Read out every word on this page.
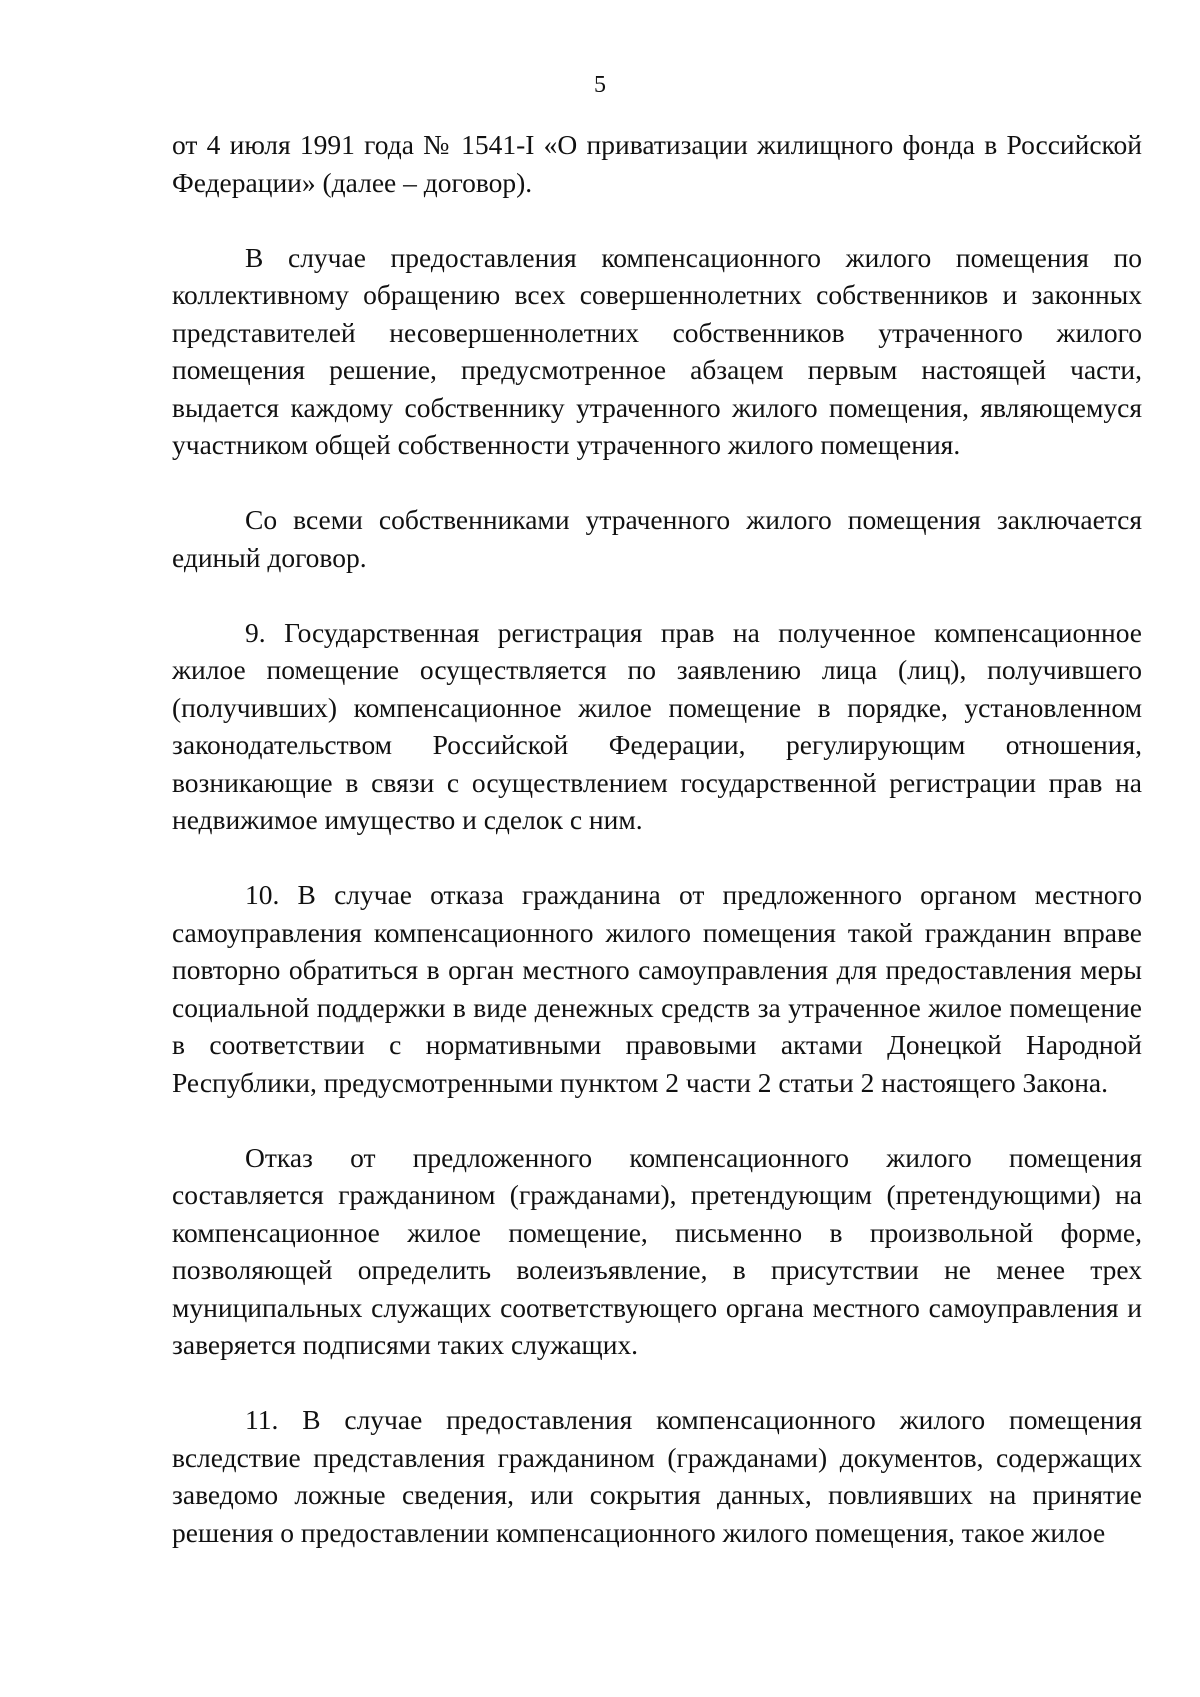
5

от 4 июля 1991 года № 1541-I «О приватизации жилищного фонда в Российской Федерации» (далее – договор).

В случае предоставления компенсационного жилого помещения по коллективному обращению всех совершеннолетних собственников и законных представителей несовершеннолетних собственников утраченного жилого помещения решение, предусмотренное абзацем первым настоящей части, выдается каждому собственнику утраченного жилого помещения, являющемуся участником общей собственности утраченного жилого помещения.

Со всеми собственниками утраченного жилого помещения заключается единый договор.

9. Государственная регистрация прав на полученное компенсационное жилое помещение осуществляется по заявлению лица (лиц), получившего (получивших) компенсационное жилое помещение в порядке, установленном законодательством Российской Федерации, регулирующим отношения, возникающие в связи с осуществлением государственной регистрации прав на недвижимое имущество и сделок с ним.

10. В случае отказа гражданина от предложенного органом местного самоуправления компенсационного жилого помещения такой гражданин вправе повторно обратиться в орган местного самоуправления для предоставления меры социальной поддержки в виде денежных средств за утраченное жилое помещение в соответствии с нормативными правовыми актами Донецкой Народной Республики, предусмотренными пунктом 2 части 2 статьи 2 настоящего Закона.

Отказ от предложенного компенсационного жилого помещения составляется гражданином (гражданами), претендующим (претендующими) на компенсационное жилое помещение, письменно в произвольной форме, позволяющей определить волеизъявление, в присутствии не менее трех муниципальных служащих соответствующего органа местного самоуправления и заверяется подписями таких служащих.

11. В случае предоставления компенсационного жилого помещения вследствие представления гражданином (гражданами) документов, содержащих заведомо ложные сведения, или сокрытия данных, повлиявших на принятие решения о предоставлении компенсационного жилого помещения, такое жилое
